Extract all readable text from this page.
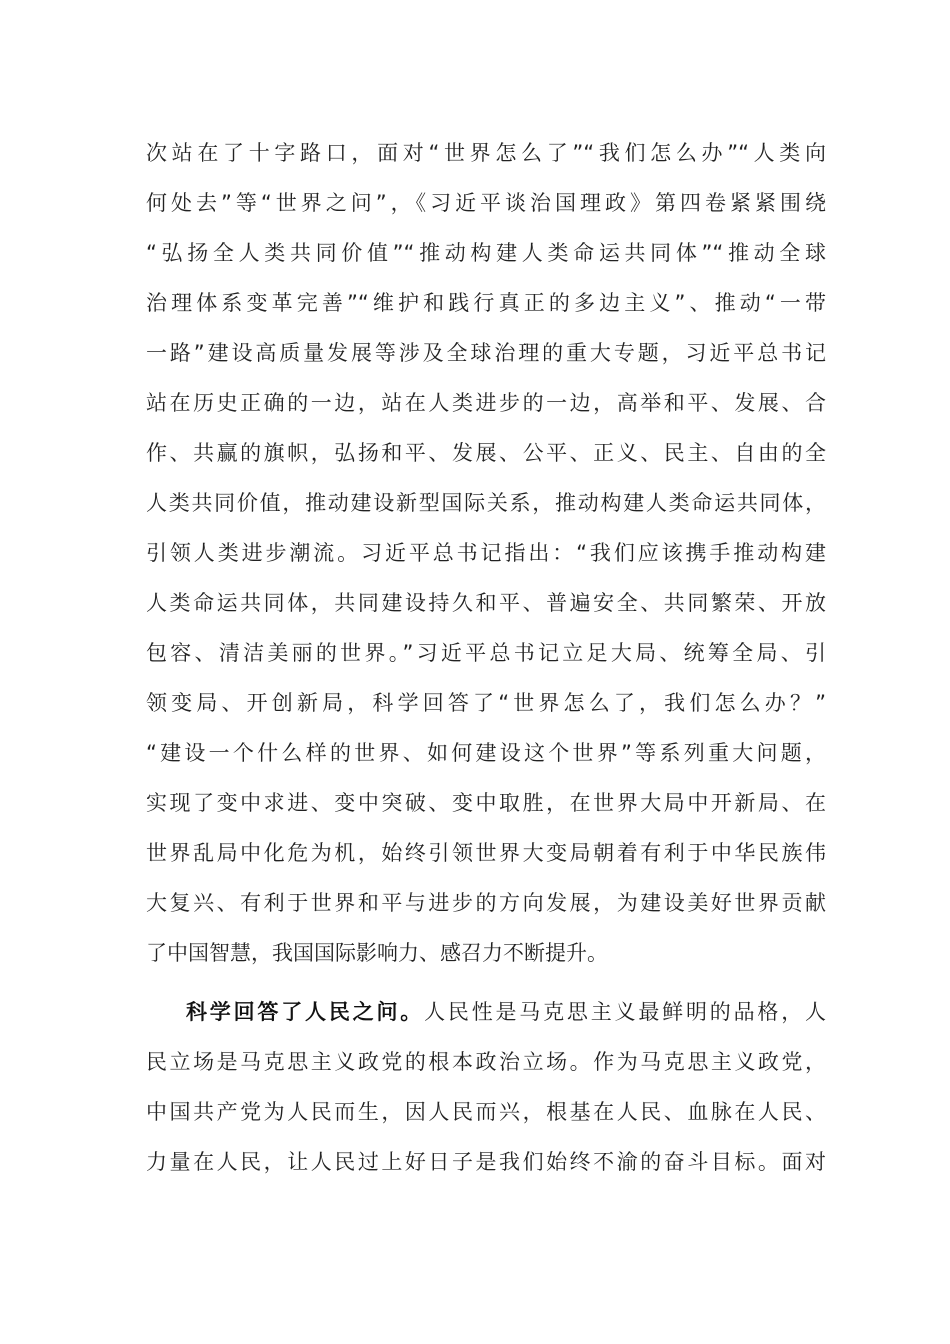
次站在了十字路口，面对“世界怎么了”“我们怎么办”“人类向
何处去”等“世界之问”，《习近平谈治国理政》第四卷紧紧围绕
“弘扬全人类共同价值”“推动构建人类命运共同体”“推动全球
治理体系变革完善”“维护和践行真正的多边主义”、推动“一带
一路”建设高质量发展等涉及全球治理的重大专题，习近平总书记
站在历史正确的一边，站在人类进步的一边，高举和平、发展、合
作、共赢的旗帜，弘扬和平、发展、公平、正义、民主、自由的全
人类共同价值，推动建设新型国际关系，推动构建人类命运共同体，
引领人类进步潮流。习近平总书记指出：“我们应该携手推动构建
人类命运共同体，共同建设持久和平、普遍安全、共同繁荣、开放
包容、清洁美丽的世界。”习近平总书记立足大局、统筹全局、引
领变局、开创新局，科学回答了“世界怎么了，我们怎么办？”
“建设一个什么样的世界、如何建设这个世界”等系列重大问题，
实现了变中求进、变中突破、变中取胜，在世界大局中开新局、在
世界乱局中化危为机，始终引领世界大变局朝着有利于中华民族伟
大复兴、有利于世界和平与进步的方向发展，为建设美好世界贡献
了中国智慧，我国国际影响力、感召力不断提升。
科学回答了人民之问。人民性是马克思主义最鲜明的品格，人
民立场是马克思主义政党的根本政治立场。作为马克思主义政党，
中国共产党为人民而生，因人民而兴，根基在人民、血脉在人民、
力量在人民，让人民过上好日子是我们始终不渝的奋斗目标。面对
